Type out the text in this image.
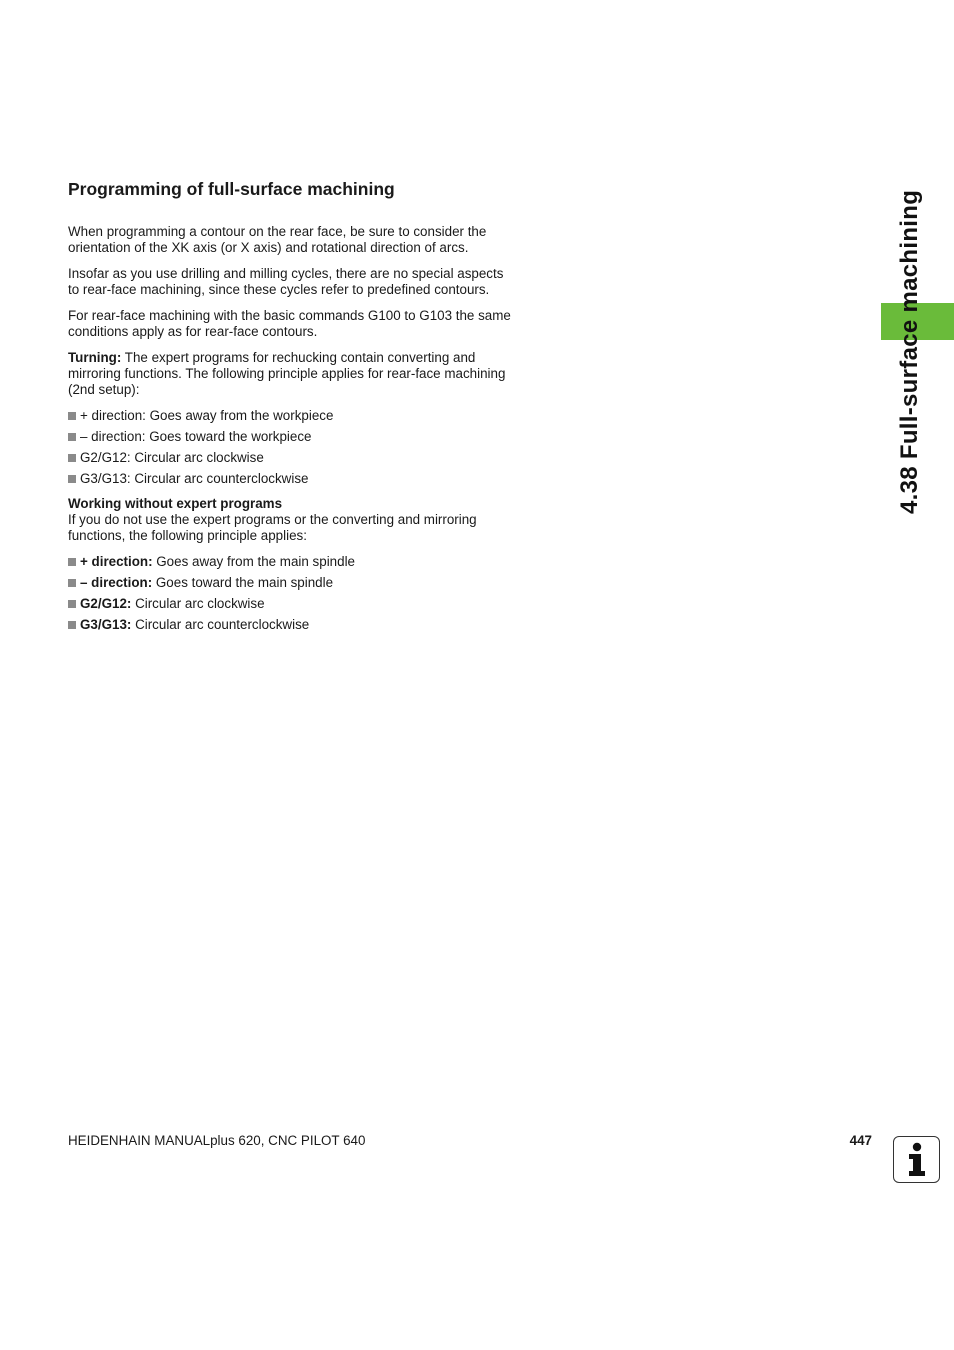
4.38 Full-surface machining
Programming of full-surface machining

When programming a contour on the rear face, be sure to consider the orientation of the XK axis (or X axis) and rotational direction of arcs.

Insofar as you use drilling and milling cycles, there are no special aspects to rear-face machining, since these cycles refer to predefined contours.

For rear-face machining with the basic commands G100 to G103 the same conditions apply as for rear-face contours.

Turning: The expert programs for rechucking contain converting and mirroring functions. The following principle applies for rear-face machining (2nd setup):

+ direction: Goes away from the workpiece
– direction: Goes toward the workpiece
G2/G12: Circular arc clockwise
G3/G13: Circular arc counterclockwise

Working without expert programs

If you do not use the expert programs or the converting and mirroring functions, the following principle applies:

+ direction: Goes away from the main spindle
– direction: Goes toward the main spindle
G2/G12: Circular arc clockwise
G3/G13: Circular arc counterclockwise
HEIDENHAIN MANUALplus 620, CNC PILOT 640	447
